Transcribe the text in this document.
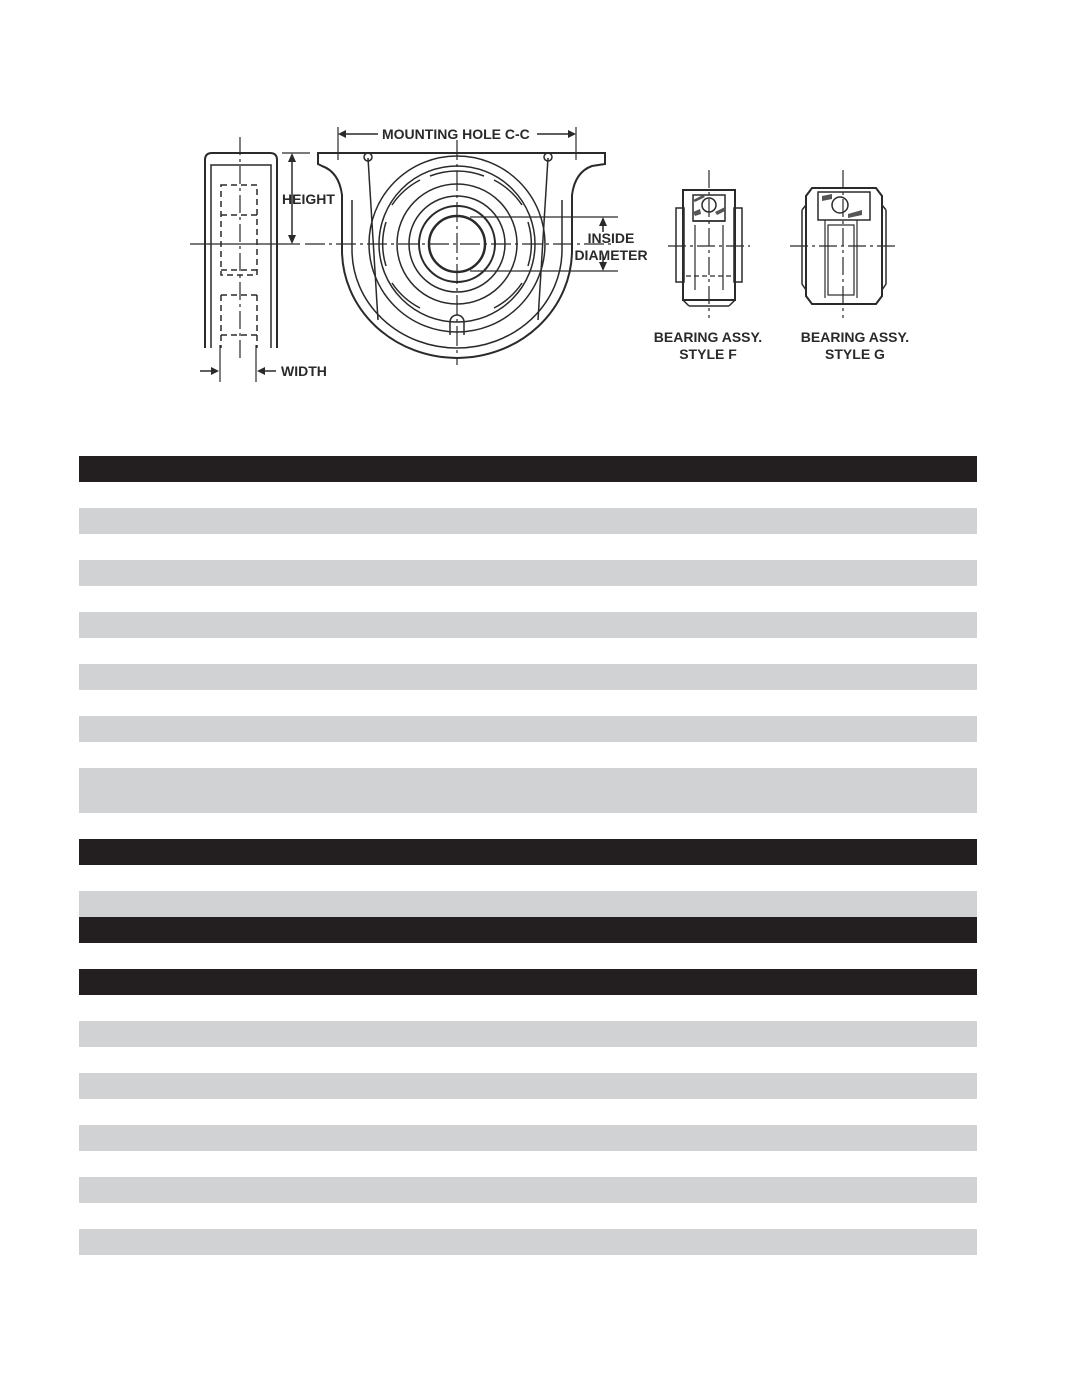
MOUNTING HOLE C-C
HEIGHT
INSIDE
DIAMETER
WIDTH
BEARING ASSY.
STYLE F
BEARING ASSY.
STYLE G
